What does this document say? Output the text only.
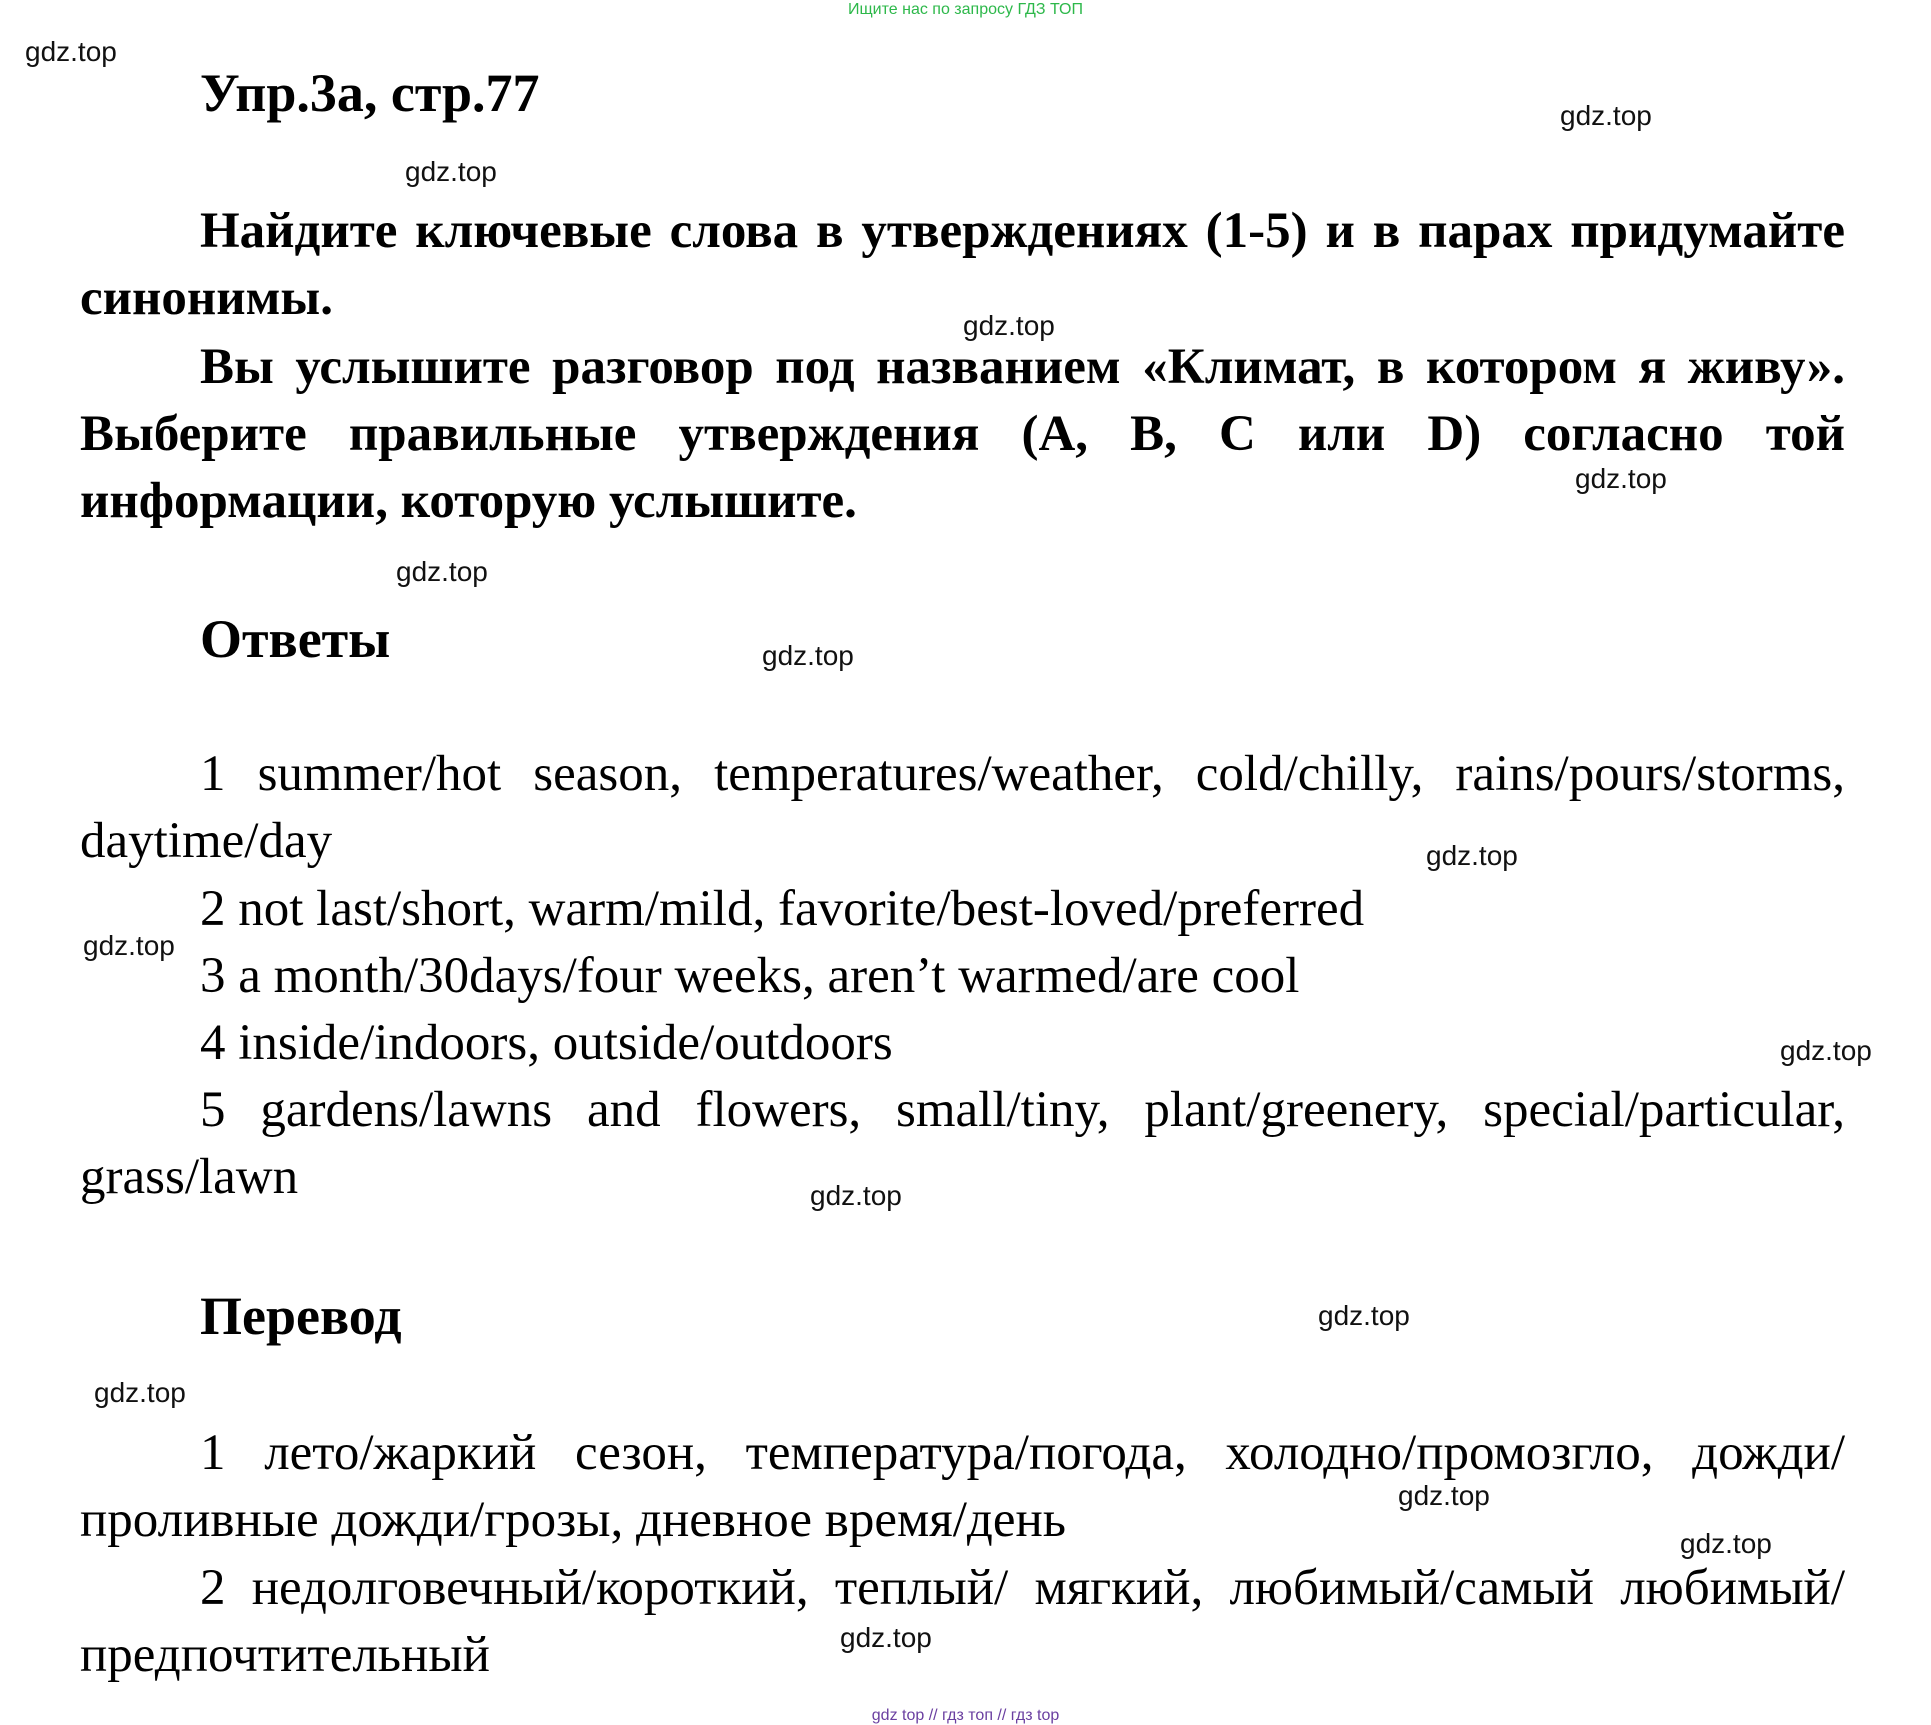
Ищите нас по запросу ГДЗ ТОП
Упр.3а, стр.77

Найдите ключевые слова в утверждениях (1-5) и в парах придумайте синонимы.

Вы услышите разговор под названием «Климат, в котором я живу». Выберите правильные утверждения (A, B, C или D) согласно той информации, которую услышите.

Ответы

1 summer/hot season, temperatures/weather, cold/chilly, rains/pours/storms, daytime/day

2 not last/short, warm/mild, favorite/best-loved/preferred
3 a month/30days/four weeks, aren’t warmed/are cool
4 inside/indoors, outside/outdoors

5 gardens/lawns and flowers, small/tiny, plant/greenery, special/particular, grass/lawn

Перевод

1 лето/жаркий сезон, температура/погода, холодно/промозгло, дожди/проливные дожди/грозы, дневное время/день

2 недолговечный/короткий, теплый/ мягкий, любимый/самый любимый/предпочтительный

gdz.top
gdz.top
gdz.top
gdz.top
gdz.top
gdz.top
gdz.top
gdz.top
gdz.top
gdz.top
gdz.top
gdz.top
gdz.top
gdz.top
gdz.top
gdz.top
gdz top // гдз топ // гдз top
